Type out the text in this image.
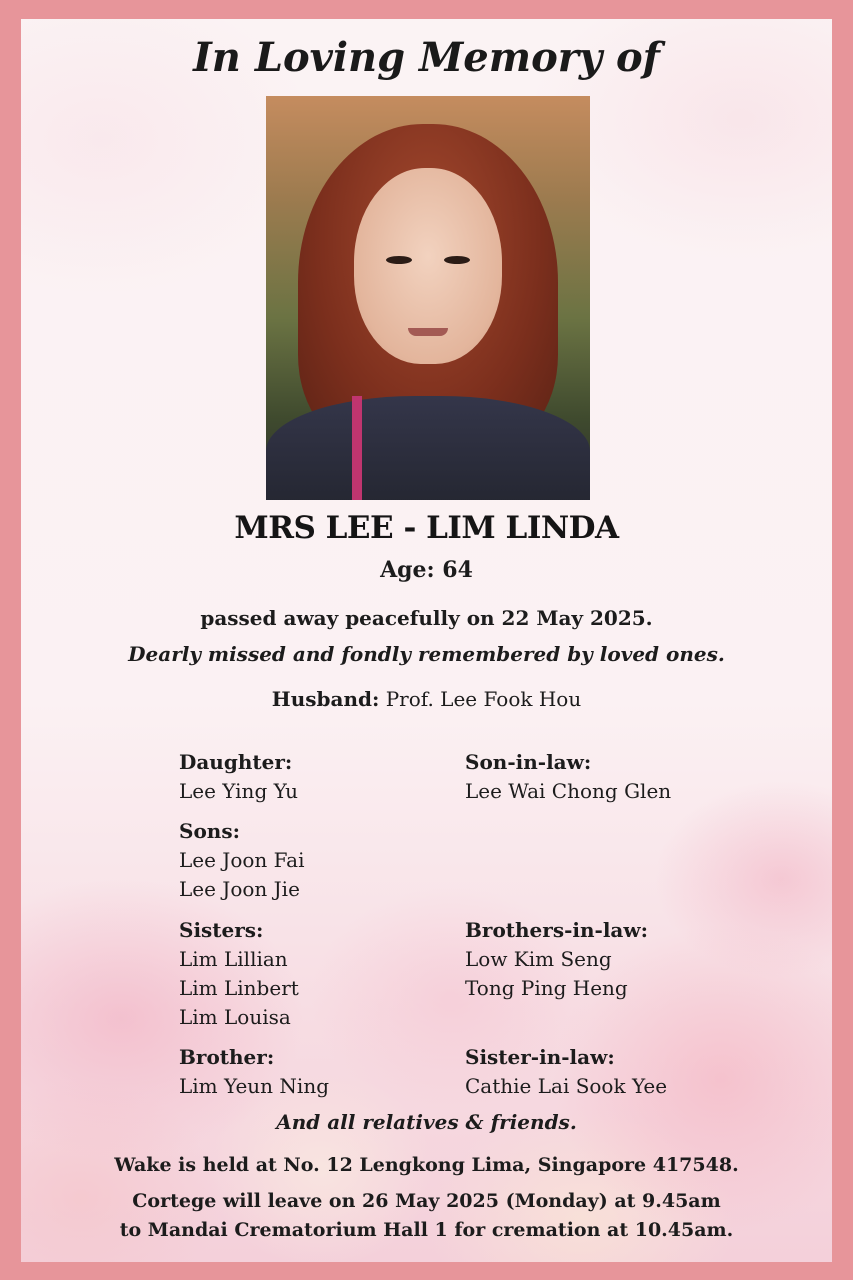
In Loving Memory of
MRS LEE - LIM LINDA
Age: 64
passed away peacefully on 22 May 2025.
Dearly missed and fondly remembered by loved ones.
Husband: Prof. Lee Fook Hou
Daughter:
Lee Ying Yu
Sons:
Lee Joon Fai
Lee Joon Jie
Sisters:
Lim Lillian
Lim Linbert
Lim Louisa
Brother:
Lim Yeun Ning
Son-in-law:
Lee Wai Chong Glen
Brothers-in-law:
Low Kim Seng
Tong Ping Heng
Sister-in-law:
Cathie Lai Sook Yee
And all relatives & friends.
Wake is held at No. 12 Lengkong Lima, Singapore 417548.
Cortege will leave on 26 May 2025 (Monday) at 9.45am
to Mandai Crematorium Hall 1 for cremation at 10.45am.
